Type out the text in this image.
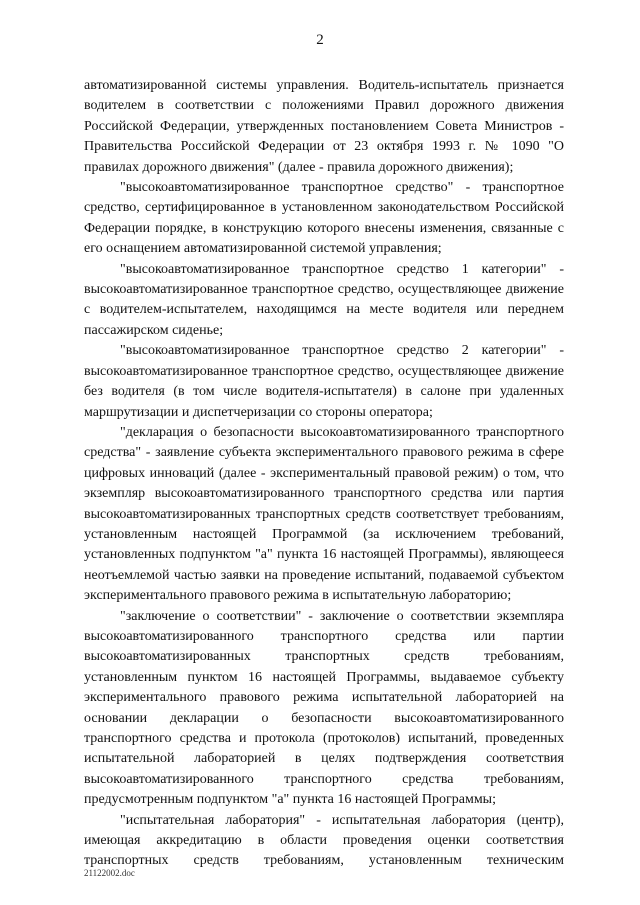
2

автоматизированной системы управления. Водитель-испытатель признается водителем в соответствии с положениями Правил дорожного движения Российской Федерации, утвержденных постановлением Совета Министров - Правительства Российской Федерации от 23 октября 1993 г. № 1090 "О правилах дорожного движения" (далее - правила дорожного движения);

"высокоавтоматизированное транспортное средство" - транспортное средство, сертифицированное в установленном законодательством Российской Федерации порядке, в конструкцию которого внесены изменения, связанные с его оснащением автоматизированной системой управления;

"высокоавтоматизированное транспортное средство 1 категории" - высокоавтоматизированное транспортное средство, осуществляющее движение с водителем-испытателем, находящимся на месте водителя или переднем пассажирском сиденье;

"высокоавтоматизированное транспортное средство 2 категории" - высокоавтоматизированное транспортное средство, осуществляющее движение без водителя (в том числе водителя-испытателя) в салоне при удаленных маршрутизации и диспетчеризации со стороны оператора;

"декларация о безопасности высокоавтоматизированного транспортного средства" - заявление субъекта экспериментального правового режима в сфере цифровых инноваций (далее - экспериментальный правовой режим) о том, что экземпляр высокоавтоматизированного транспортного средства или партия высокоавтоматизированных транспортных средств соответствует требованиям, установленным настоящей Программой (за исключением требований, установленных подпунктом "а" пункта 16 настоящей Программы), являющееся неотъемлемой частью заявки на проведение испытаний, подаваемой субъектом экспериментального правового режима в испытательную лабораторию;

"заключение о соответствии" - заключение о соответствии экземпляра высокоавтоматизированного транспортного средства или партии высокоавтоматизированных транспортных средств требованиям, установленным пунктом 16 настоящей Программы, выдаваемое субъекту экспериментального правового режима испытательной лабораторией на основании декларации о безопасности высокоавтоматизированного транспортного средства и протокола (протоколов) испытаний, проведенных испытательной лабораторией в целях подтверждения соответствия высокоавтоматизированного транспортного средства требованиям, предусмотренным подпунктом "а" пункта 16 настоящей Программы;

"испытательная лаборатория" - испытательная лаборатория (центр), имеющая аккредитацию в области проведения оценки соответствия транспортных средств требованиям, установленным техническим

21122002.doc
